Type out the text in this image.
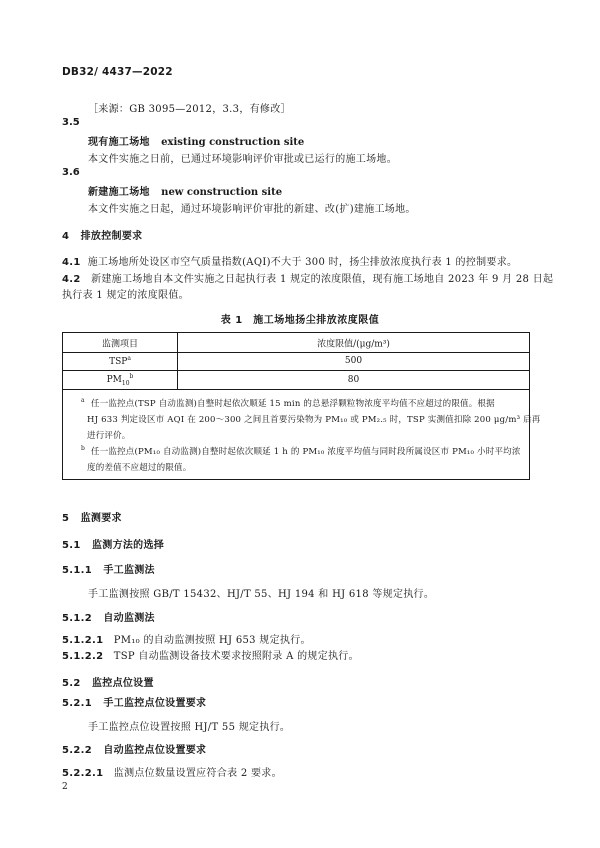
DB32/ 4437—2022
［来源：GB 3095—2012，3.3，有修改］
3.5
现有施工场地 existing construction site
本文件实施之日前，已通过环境影响评价审批或已运行的施工场地。
3.6
新建施工场地 new construction site
本文件实施之日起，通过环境影响评价审批的新建、改(扩)建施工场地。
4 排放控制要求
4.1 施工场地所处设区市空气质量指数(AQI)不大于 300 时，扬尘排放浓度执行表 1 的控制要求。
4.2 新建施工场地自本文件实施之日起执行表 1 规定的浓度限值，现有施工场地自 2023 年 9 月 28 日起
执行表 1 规定的浓度限值。
表 1　施工场地扬尘排放浓度限值
监测项目	浓度限值/(μg/m³)
TSP$^a$	500
$PM_{10}^b$	80
a 任一监控点(TSP 自动监测)自整时起依次顺延 15 min 的总悬浮颗粒物浓度平均值不应超过的限值。根据
HJ 633 判定设区市 AQI 在 200～300 之间且首要污染物为 PM₁₀ 或 PM₂.₅ 时，TSP 实测值扣除 200 μg/m³ 后再
进行评价。
b 任一监控点(PM₁₀ 自动监测)自整时起依次顺延 1 h 的 PM₁₀ 浓度平均值与同时段所属设区市 PM₁₀ 小时平均浓
度的差值不应超过的限值。
5 监测要求
5.1 监测方法的选择
5.1.1 手工监测法
手工监测按照 GB/T 15432、HJ/T 55、HJ 194 和 HJ 618 等规定执行。
5.1.2 自动监测法
5.1.2.1 PM₁₀ 的自动监测按照 HJ 653 规定执行。
5.1.2.2 TSP 自动监测设备技术要求按照附录 A 的规定执行。
5.2 监控点位设置
5.2.1 手工监控点位设置要求
手工监控点位设置按照 HJ/T 55 规定执行。
5.2.2 自动监控点位设置要求
5.2.2.1 监测点位数量设置应符合表 2 要求。
2
